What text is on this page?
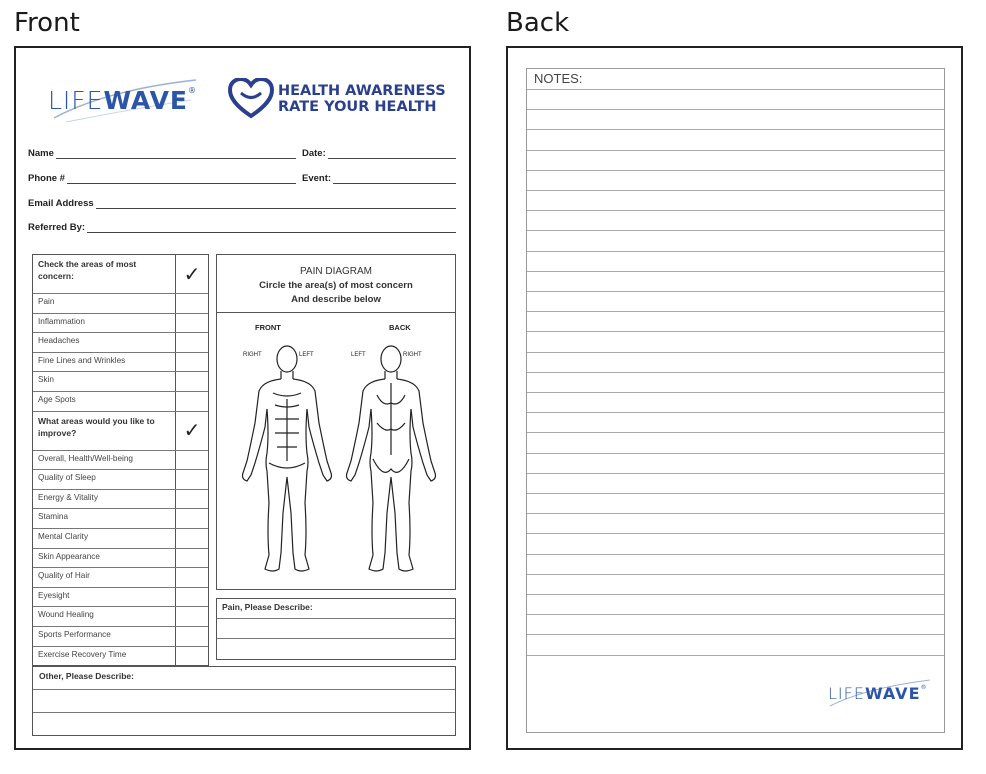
Front	Back
LIFEWAVE®	HEALTH AWARENESS
RATE YOUR HEALTH
Name	Date:
Phone #	Event:
Email Address
Referred By:
Check the areas of most concern:	✓
Pain
Inflammation
Headaches
Fine Lines and Wrinkles
Skin
Age Spots
What areas would you like to improve?	✓
Overall, Health/Well-being
Quality of Sleep
Energy & Vitality
Stamina
Mental Clarity
Skin Appearance
Quality of Hair
Eyesight
Wound Healing
Sports Performance
Exercise Recovery Time
PAIN DIAGRAM
Circle the area(s) of most concern
And describe below
FRONT	BACK
RIGHT	LEFT	LEFT	RIGHT
Pain, Please Describe:
Other, Please Describe:
NOTES:
LIFEWAVE®
